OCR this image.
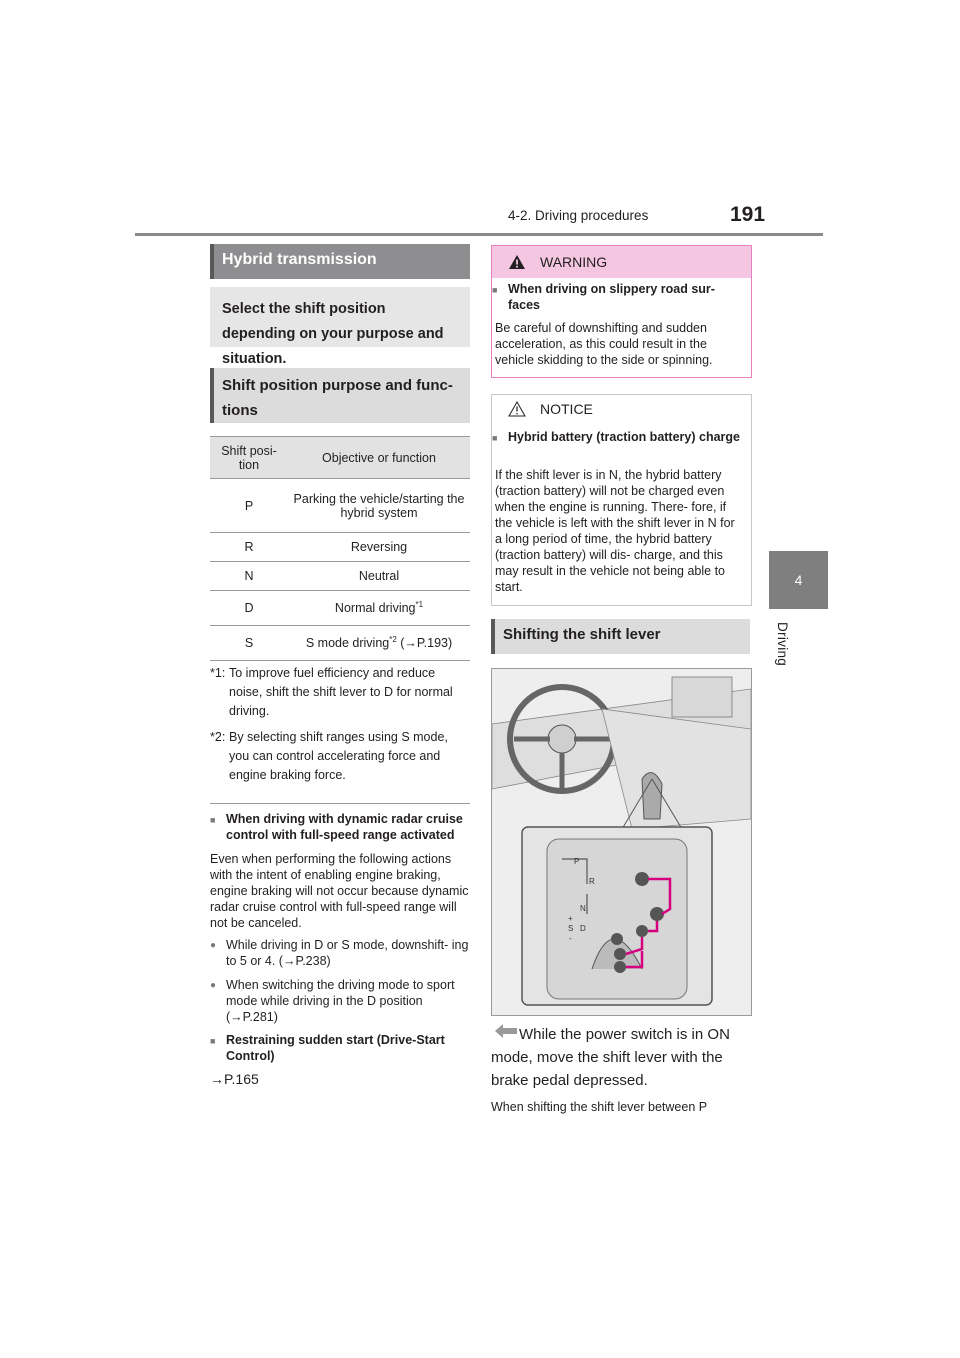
4-2. Driving procedures	191
4
Driving
Hybrid transmission
Select the shift position depending on your purpose and situation.
Shift position purpose and func- tions
Shift posi- tion	Objective or function
P	Parking the vehicle/starting the hybrid system
R	Reversing
N	Neutral
D	Normal driving$^{*1}$
S	S mode driving$^{*2}$ (→P.193)
*1: To improve fuel efficiency and reduce noise, shift the shift lever to D for normal driving.
*2: By selecting shift ranges using S mode, you can control accelerating force and engine braking force.
■ When driving with dynamic radar cruise control with full-speed range activated
Even when performing the following actions with the intent of enabling engine braking, engine braking will not occur because dynamic radar cruise control with full-speed range will not be canceled.
● While driving in D or S mode, downshift- ing to 5 or 4. (→P.238)
● When switching the driving mode to sport mode while driving in the D position (→P.281)
■ Restraining sudden start (Drive-Start Control)
→P.165
WARNING
■ When driving on slippery road sur- faces
Be careful of downshifting and sudden acceleration, as this could result in the vehicle skidding to the side or spinning.
NOTICE
■ Hybrid battery (traction battery) charge
If the shift lever is in N, the hybrid battery (traction battery) will not be charged even when the engine is running. There- fore, if the vehicle is left with the shift lever in N for a long period of time, the hybrid battery (traction battery) will dis- charge, and this may result in the vehicle not being able to start.
Shifting the shift lever
P
R
N
D
S
+
-
While the power switch is in ON mode, move the shift lever with the brake pedal depressed.
When shifting the shift lever between P
